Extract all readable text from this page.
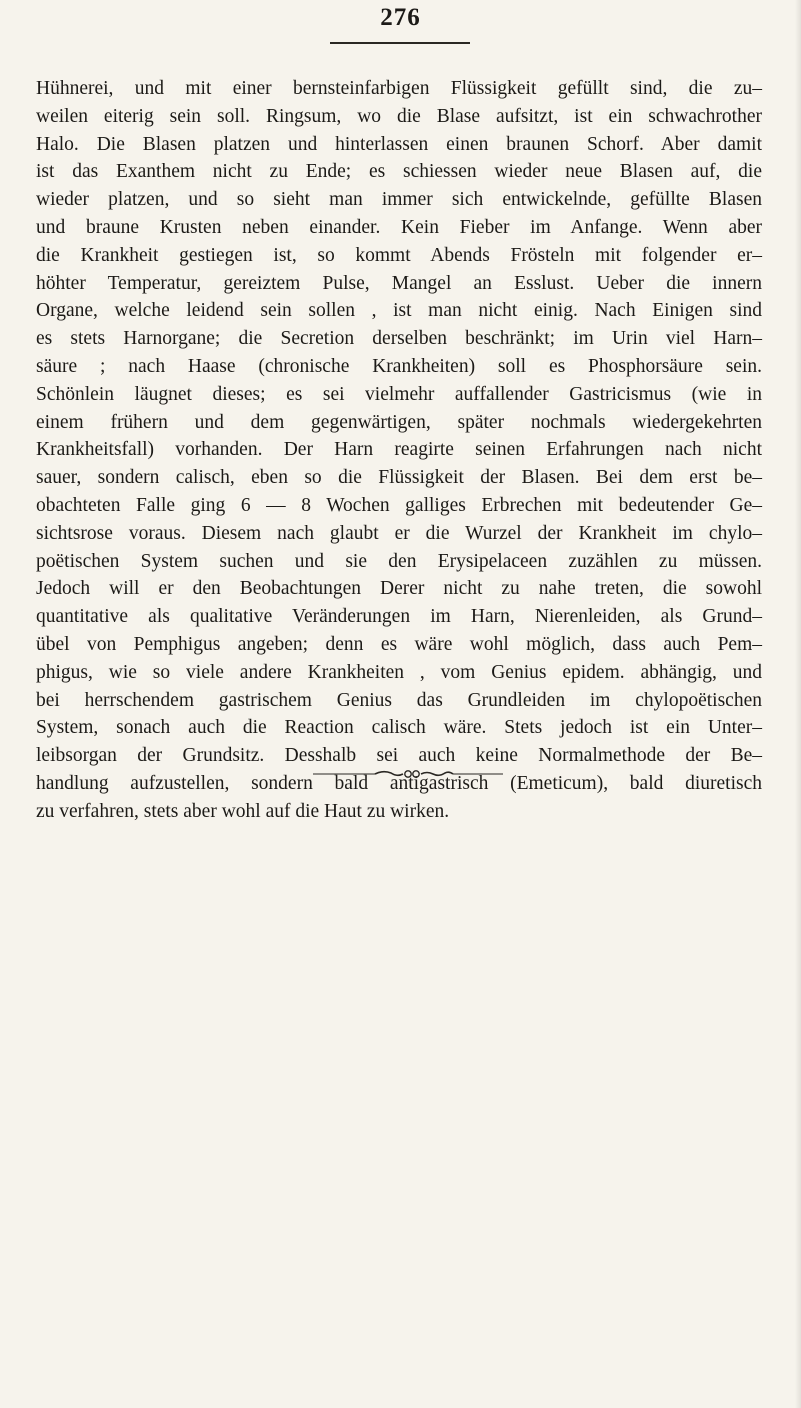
276
Hühnerei, und mit einer bernsteinfarbigen Flüssigkeit gefüllt sind, die zu–
weilen eiterig sein soll. Ringsum, wo die Blase aufsitzt, ist ein schwachrother
Halo. Die Blasen platzen und hinterlassen einen braunen Schorf. Aber damit
ist das Exanthem nicht zu Ende; es schiessen wieder neue Blasen auf, die
wieder platzen, und so sieht man immer sich entwickelnde, gefüllte Blasen
und braune Krusten neben einander. Kein Fieber im Anfange. Wenn aber
die Krankheit gestiegen ist, so kommt Abends Frösteln mit folgender er–
höhter Temperatur, gereiztem Pulse, Mangel an Esslust. Ueber die innern
Organe, welche leidend sein sollen , ist man nicht einig. Nach Einigen sind
es stets Harnorgane; die Secretion derselben beschränkt; im Urin viel Harn–
säure ; nach Haase (chronische Krankheiten) soll es Phosphorsäure sein.
Schönlein läugnet dieses; es sei vielmehr auffallender Gastricismus (wie in
einem frühern und dem gegenwärtigen, später nochmals wiedergekehrten
Krankheitsfall) vorhanden. Der Harn reagirte seinen Erfahrungen nach nicht
sauer, sondern calisch, eben so die Flüssigkeit der Blasen. Bei dem erst be–
obachteten Falle ging 6 — 8 Wochen galliges Erbrechen mit bedeutender Ge–
sichtsrose voraus. Diesem nach glaubt er die Wurzel der Krankheit im chylo–
poëtischen System suchen und sie den Erysipelaceen zuzählen zu müssen.
Jedoch will er den Beobachtungen Derer nicht zu nahe treten, die sowohl
quantitative als qualitative Veränderungen im Harn, Nierenleiden, als Grund–
übel von Pemphigus angeben; denn es wäre wohl möglich, dass auch Pem–
phigus, wie so viele andere Krankheiten , vom Genius epidem. abhängig, und
bei herrschendem gastrischem Genius das Grundleiden im chylopoëtischen
System, sonach auch die Reaction calisch wäre. Stets jedoch ist ein Unter–
leibsorgan der Grundsitz. Desshalb sei auch keine Normalmethode der Be–
handlung aufzustellen, sondern bald antigastrisch (Emeticum), bald diuretisch
zu verfahren, stets aber wohl auf die Haut zu wirken.
